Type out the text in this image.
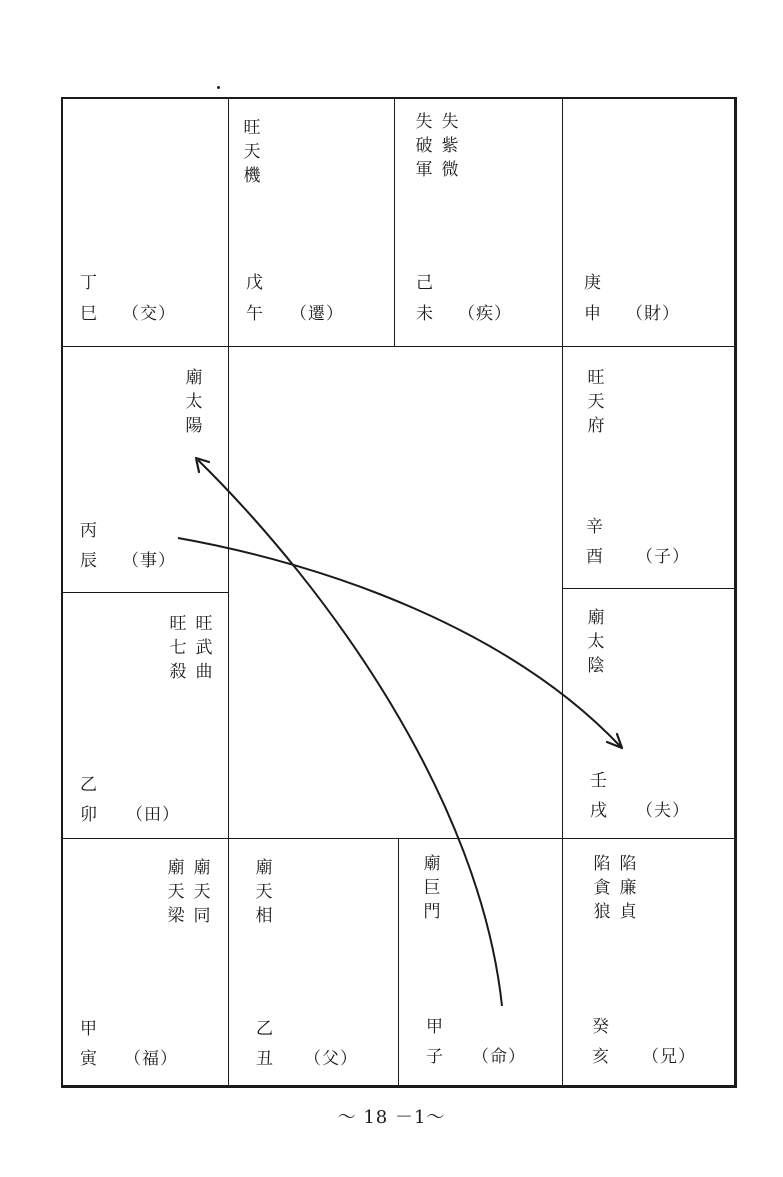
丁
巳 （交）
旺
天
機
戊
午 （遷）
失
破
軍
失
紫
微
己
未 （疾）
庚
申 （財）
廟
太
陽
丙
辰 （事）
旺
天
府
辛
酉 （子）
旺
七
殺
旺
武
曲
乙
卯 （田）
廟
太
陰
壬
戌 （夫）
廟
天
梁
廟
天
同
甲
寅 （福）
廟
天
相
乙
丑 （父）
廟
巨
門
甲
子 （命）
陷
貪
狼
陷
廉
貞
癸
亥 （兄）
～ 18 －1～
